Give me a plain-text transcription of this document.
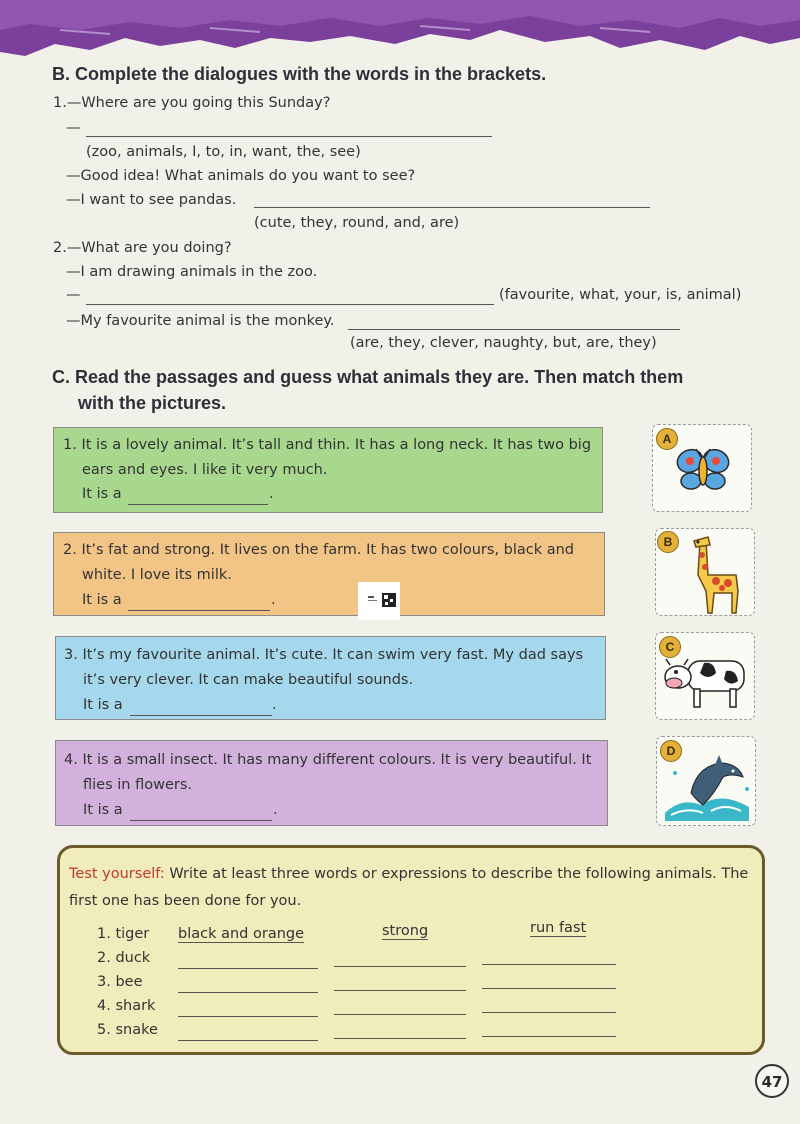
B. Complete the dialogues with the words in the brackets.
1.—Where are you going this Sunday?
—
(zoo, animals, I, to, in, want, the, see)
—Good idea! What animals do you want to see?
—I want to see pandas.
(cute, they, round, and, are)
2.—What are you doing?
—I am drawing animals in the zoo.
—	(favourite, what, your, is, animal)
—My favourite animal is the monkey.
(are, they, clever, naughty, but, are, they)
C. Read the passages and guess what animals they are. Then match them
with the pictures.
1. It is a lovely animal. It’s tall and thin. It has a long neck. It has two big
ears and eyes. I like it very much.
It is a	.
2. It’s fat and strong. It lives on the farm. It has two colours, black and
white. I love its milk.
It is a	.
3. It’s my favourite animal. It’s cute. It can swim very fast. My dad says
it’s very clever. It can make beautiful sounds.
It is a	.
4. It is a small insect. It has many different colours. It is very beautiful. It
flies in flowers.
It is a	.
A
B
C
D
Test yourself: Write at least three words or expressions to describe the following animals. The
first one has been done for you.
1. tiger black and orange	strong	run fast
2. duck
3. bee
4. shark
5. snake
47
